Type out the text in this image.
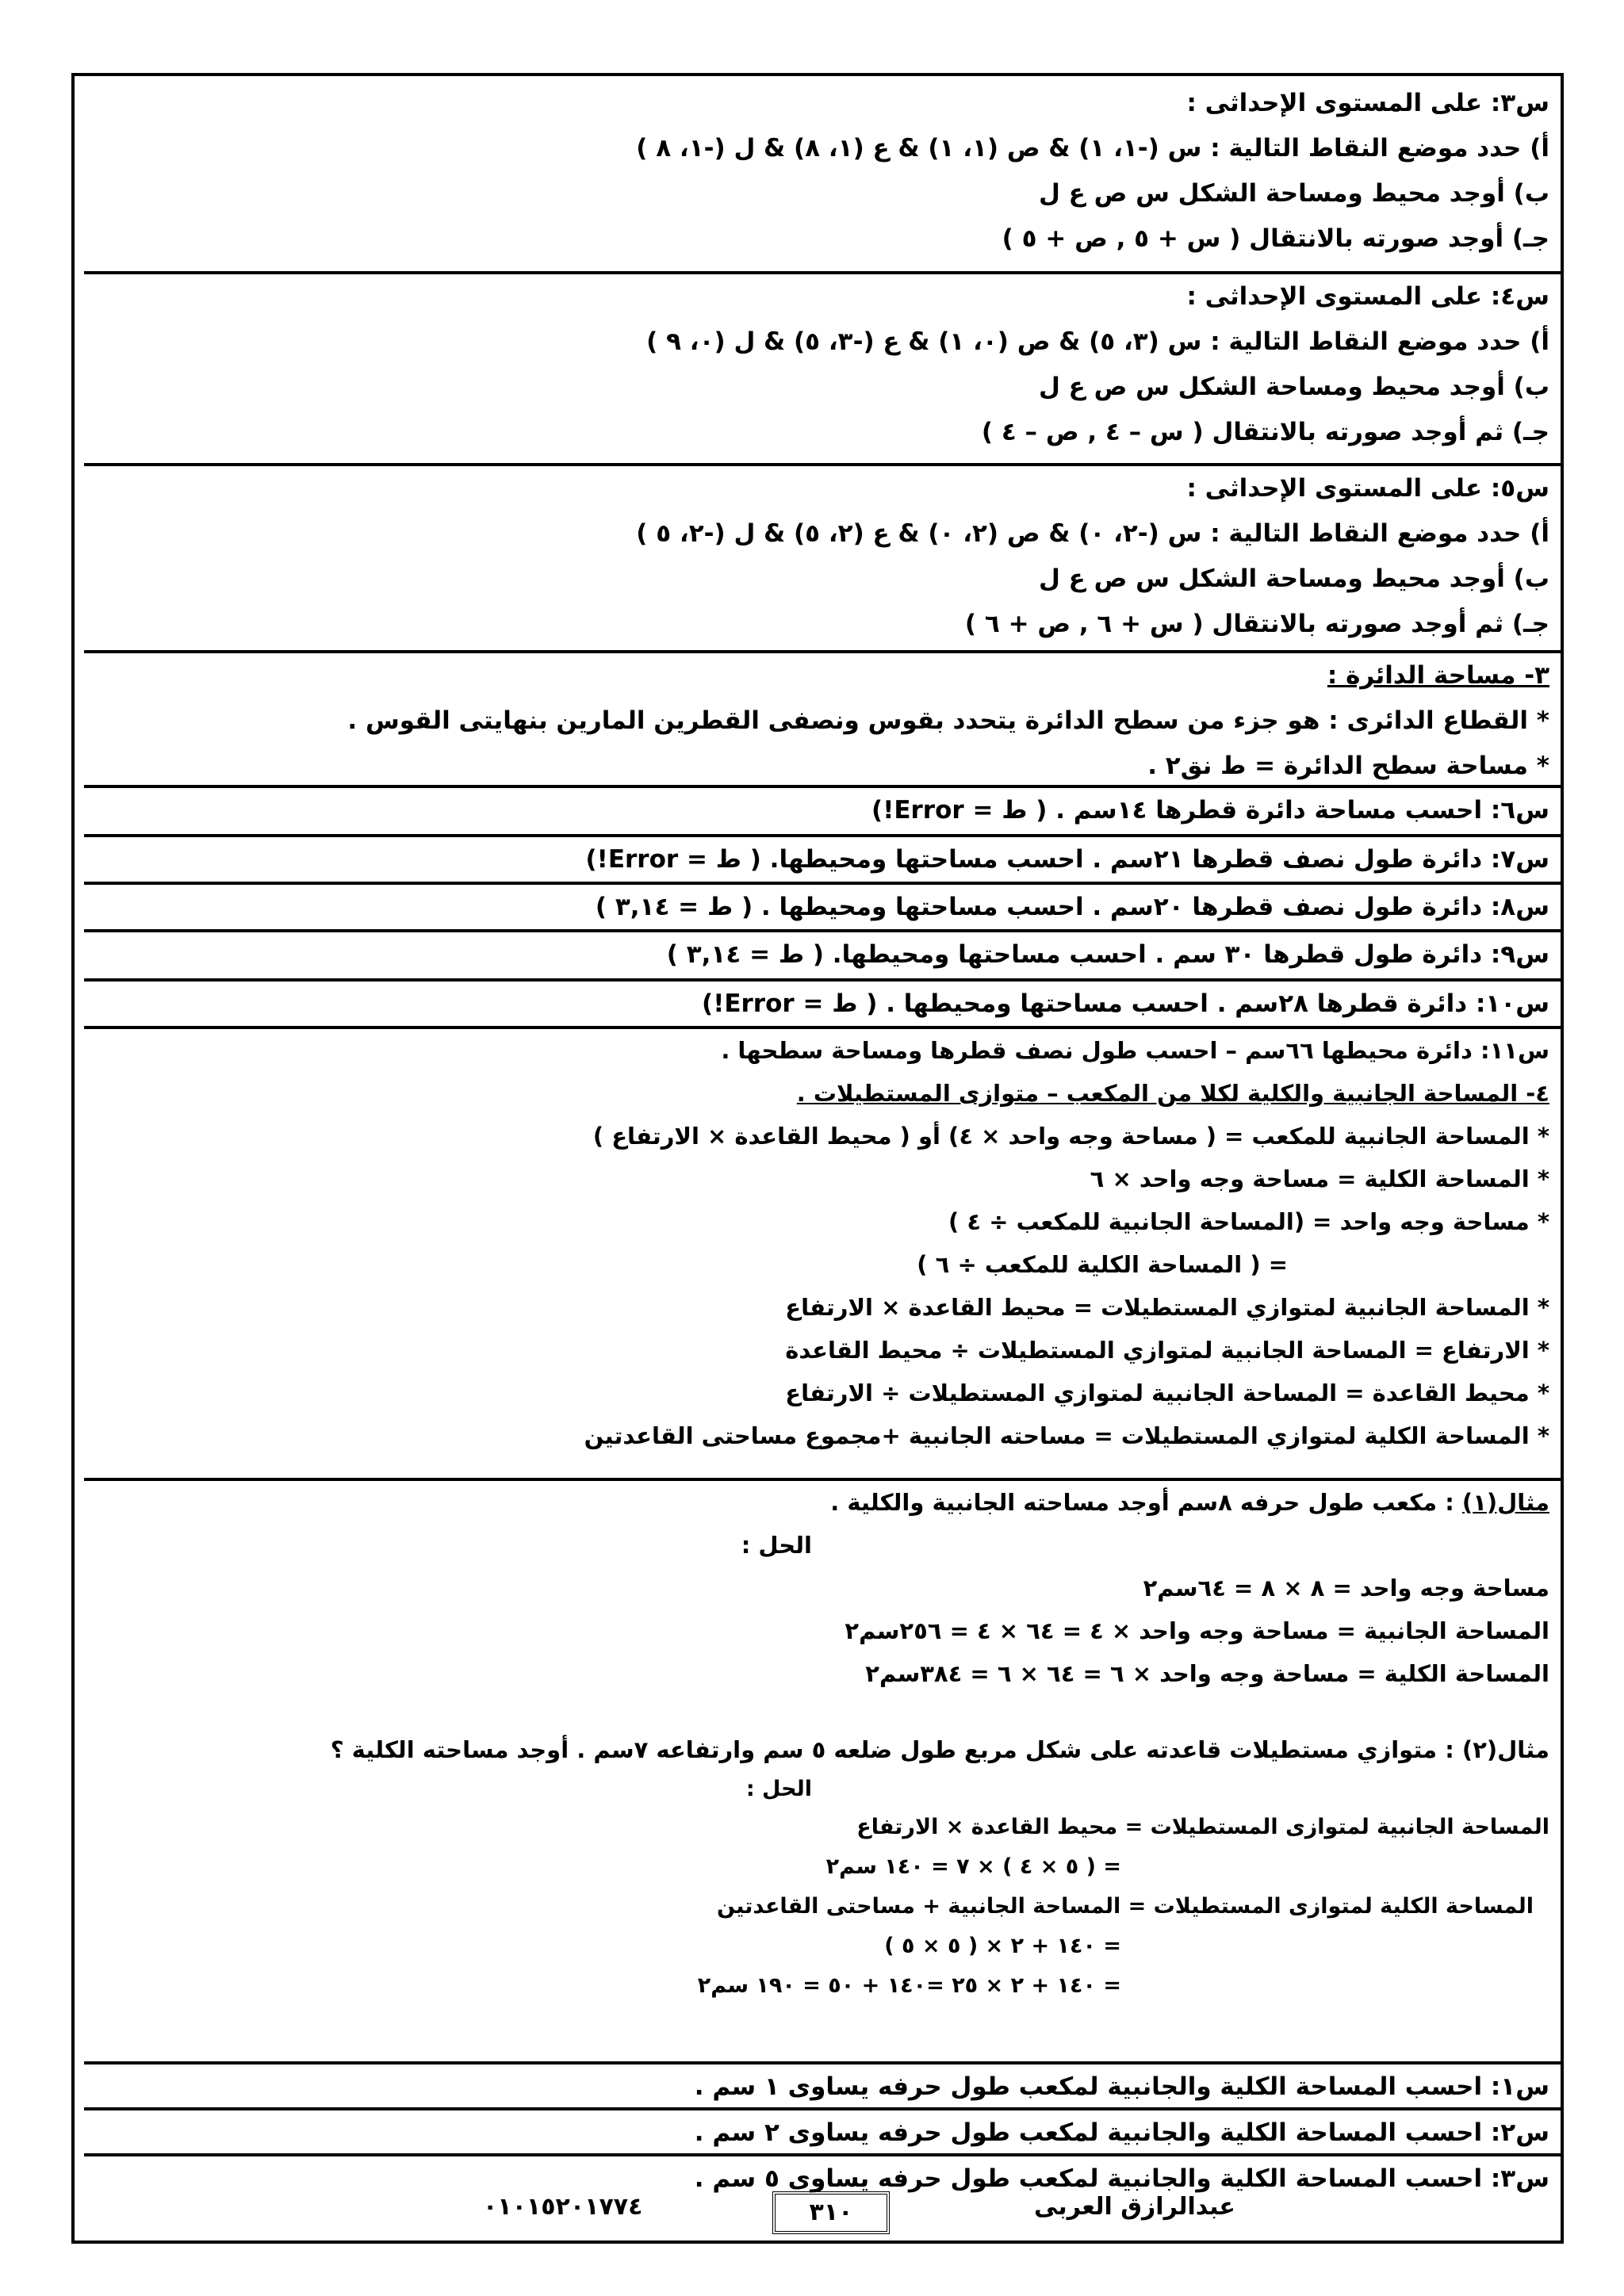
س٣: على المستوى الإحداثى :
أ) حدد موضع النقاط التالية : س (-١، ١) & ص (١، ١) & ع (١، ٨) & ل (-١، ٨ )
ب) أوجد محيط ومساحة الشكل س ص ع ل
جـ) أوجد صورته بالانتقال ( س + ٥ , ص + ٥ )
س٤: على المستوى الإحداثى :
أ) حدد موضع النقاط التالية : س (٣، ٥) & ص (٠، ١) & ع (-٣، ٥) & ل (٠، ٩ )
ب) أوجد محيط ومساحة الشكل س ص ع ل
جـ) ثم أوجد صورته بالانتقال ( س – ٤ , ص – ٤ )
س٥: على المستوى الإحداثى :
أ) حدد موضع النقاط التالية : س (-٢، ٠) & ص (٢، ٠) & ع (٢، ٥) & ل (-٢، ٥ )
ب) أوجد محيط ومساحة الشكل س ص ع ل
جـ) ثم أوجد صورته بالانتقال ( س + ٦ , ص + ٦ )
٣- مساحة الدائرة :
* القطاع الدائرى : هو جزء من سطح الدائرة يتحدد بقوس ونصفى القطرين المارين بنهايتى القوس .
* مساحة سطح الدائرة = ط نق٢ .
س٦: احسب مساحة دائرة قطرها ١٤سم . ( ط = Error!)
س٧: دائرة طول نصف قطرها ٢١سم . احسب مساحتها ومحيطها. ( ط = Error!)
س٨: دائرة طول نصف قطرها ٢٠سم . احسب مساحتها ومحيطها . ( ط = ٣,١٤ )
س٩: دائرة طول قطرها ٣٠ سم . احسب مساحتها ومحيطها. ( ط = ٣,١٤ )
س١٠: دائرة قطرها ٢٨سم . احسب مساحتها ومحيطها . ( ط = Error!)
س١١: دائرة محيطها ٦٦سم – احسب طول نصف قطرها ومساحة سطحها .
٤- المساحة الجانبية والكلية لكلا من المكعب – متوازى المستطيلات .
* المساحة الجانبية للمكعب = ( مساحة وجه واحد × ٤) أو ( محيط القاعدة × الارتفاع )
* المساحة الكلية = مساحة وجه واحد × ٦
* مساحة وجه واحد = (المساحة الجانبية للمكعب ÷ ٤ )
= ( المساحة الكلية للمكعب ÷ ٦ )
* المساحة الجانبية لمتوازي المستطيلات = محيط القاعدة × الارتفاع
* الارتفاع = المساحة الجانبية لمتوازي المستطيلات ÷ محيط القاعدة
* محيط القاعدة = المساحة الجانبية لمتوازي المستطيلات ÷ الارتفاع
* المساحة الكلية لمتوازي المستطيلات = مساحته الجانبية +مجموع مساحتى القاعدتين
مثال(١) : مكعب طول حرفه ٨سم أوجد مساحته الجانبية والكلية .
الحل :
مساحة وجه واحد = ٨ × ٨ = ٦٤سم٢
المساحة الجانبية = مساحة وجه واحد × ٤ = ٦٤ × ٤ = ٢٥٦سم٢
المساحة الكلية = مساحة وجه واحد × ٦ = ٦٤ × ٦ = ٣٨٤سم٢
مثال(٢) : متوازي مستطيلات قاعدته على شكل مربع طول ضلعه ٥ سم وارتفاعه ٧سم . أوجد مساحته الكلية ؟
الحل :
المساحة الجانبية لمتوازى المستطيلات = محيط القاعدة × الارتفاع
= ( ٥ × ٤ ) × ٧ = ١٤٠ سم٢
المساحة الكلية لمتوازى المستطيلات = المساحة الجانبية + مساحتى القاعدتين
= ١٤٠ + ٢ × ( ٥ × ٥ )
= ١٤٠ + ٢ × ٢٥ =١٤٠ + ٥٠ = ١٩٠ سم٢
س١: احسب المساحة الكلية والجانبية لمكعب طول حرفه يساوى ١ سم .
س٢: احسب المساحة الكلية والجانبية لمكعب طول حرفه يساوى ٢ سم .
س٣: احسب المساحة الكلية والجانبية لمكعب طول حرفه يساوى ٥ سم .
٠١٠١٥٢٠١٧٧٤	٣١٠	عبدالرازق العربى
